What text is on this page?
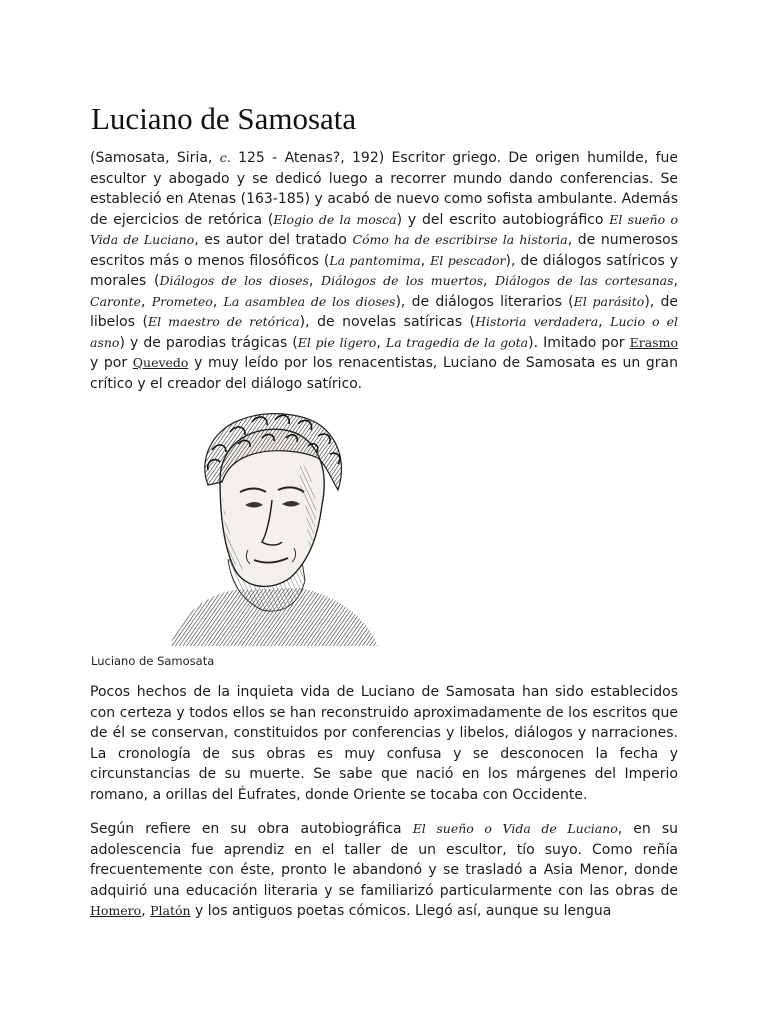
Luciano de Samosata

(Samosata, Siria, c. 125 - Atenas?, 192) Escritor griego. De origen humilde, fue escultor y abogado y se dedicó luego a recorrer mundo dando conferencias. Se estableció en Atenas (163-185) y acabó de nuevo como sofista ambulante. Además de ejercicios de retórica (Elogio de la mosca) y del escrito autobiográfico El sueño o Vida de Luciano, es autor del tratado Cómo ha de escribirse la historia, de numerosos escritos más o menos filosóficos (La pantomima, El pescador), de diálogos satíricos y morales (Diálogos de los dioses, Diálogos de los muertos, Diálogos de las cortesanas, Caronte, Prometeo, La asamblea de los dioses), de diálogos literarios (El parásito), de libelos (El maestro de retórica), de novelas satíricas (Historia verdadera, Lucio o el asno) y de parodias trágicas (El pie ligero, La tragedia de la gota). Imitado por Erasmo y por Quevedo y muy leído por los renacentistas, Luciano de Samosata es un gran crítico y el creador del diálogo satírico.

Luciano de Samosata

Pocos hechos de la inquieta vida de Luciano de Samosata han sido establecidos con certeza y todos ellos se han reconstruido aproximadamente de los escritos que de él se conservan, constituidos por conferencias y libelos, diálogos y narraciones. La cronología de sus obras es muy confusa y se desconocen la fecha y circunstancias de su muerte. Se sabe que nació en los márgenes del Imperio romano, a orillas del Éufrates, donde Oriente se tocaba con Occidente.

Según refiere en su obra autobiográfica El sueño o Vida de Luciano, en su adolescencia fue aprendiz en el taller de un escultor, tío suyo. Como reñía frecuentemente con éste, pronto le abandonó y se trasladó a Asia Menor, donde adquirió una educación literaria y se familiarizó particularmente con las obras de Homero, Platón y los antiguos poetas cómicos. Llegó así, aunque su lengua
